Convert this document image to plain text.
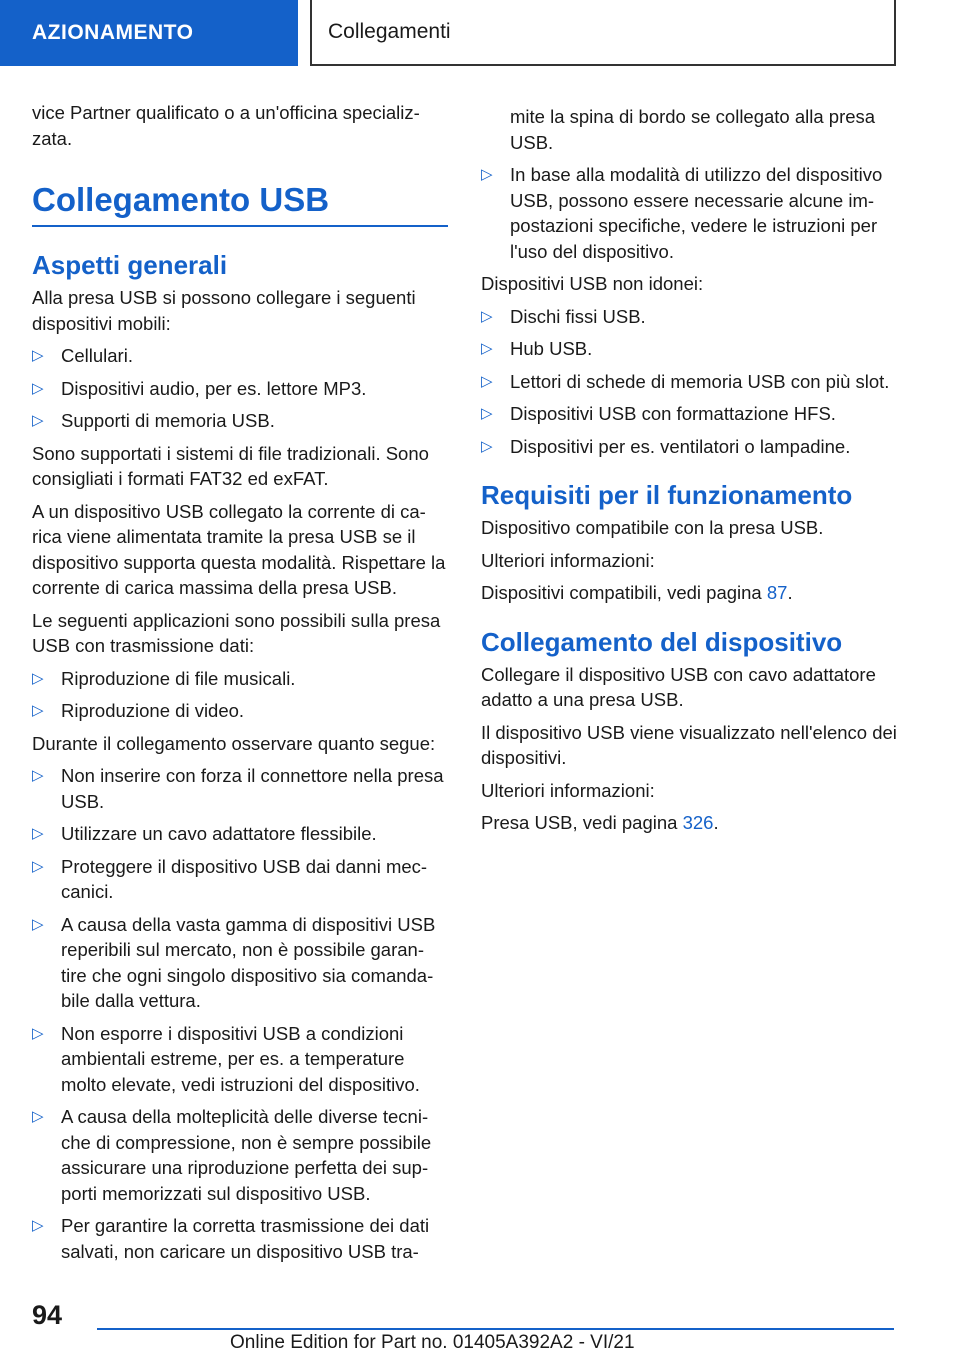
AZIONAMENTO	Collegamenti

vice Partner qualificato o a un'officina specializ-zata.

Collegamento USB
Aspetti generali

Alla presa USB si possono collegare i seguenti dispositivi mobili:

▷ Cellulari.
▷ Dispositivi audio, per es. lettore MP3.
▷ Supporti di memoria USB.

Sono supportati i sistemi di file tradizionali. Sono consigliati i formati FAT32 ed exFAT.

A un dispositivo USB collegato la corrente di ca-rica viene alimentata tramite la presa USB se il dispositivo supporta questa modalità. Rispettare la corrente di carica massima della presa USB.

Le seguenti applicazioni sono possibili sulla presa USB con trasmissione dati:

▷ Riproduzione di file musicali.
▷ Riproduzione di video.

Durante il collegamento osservare quanto segue:

▷ Non inserire con forza il connettore nella presa USB.
▷ Utilizzare un cavo adattatore flessibile.
▷ Proteggere il dispositivo USB dai danni mec-canici.
▷ A causa della vasta gamma di dispositivi USB reperibili sul mercato, non è possibile garan-tire che ogni singolo dispositivo sia comanda-bile dalla vettura.
▷ Non esporre i dispositivi USB a condizioni ambientali estreme, per es. a temperature molto elevate, vedi istruzioni del dispositivo.
▷ A causa della molteplicità delle diverse tecni-che di compressione, non è sempre possibile assicurare una riproduzione perfetta dei sup-porti memorizzati sul dispositivo USB.
▷ Per garantire la corretta trasmissione dei dati salvati, non caricare un dispositivo USB tra-

mite la spina di bordo se collegato alla presa USB.

▷ In base alla modalità di utilizzo del dispositivo USB, possono essere necessarie alcune im-postazioni specifiche, vedere le istruzioni per l'uso del dispositivo.

Dispositivi USB non idonei:

▷ Dischi fissi USB.
▷ Hub USB.
▷ Lettori di schede di memoria USB con più slot.
▷ Dispositivi USB con formattazione HFS.
▷ Dispositivi per es. ventilatori o lampadine.
Requisiti per il funzionamento

Dispositivo compatibile con la presa USB.

Ulteriori informazioni:

Dispositivi compatibili, vedi pagina 87.

Collegamento del dispositivo

Collegare il dispositivo USB con cavo adattatore adatto a una presa USB.

Il dispositivo USB viene visualizzato nell'elenco dei dispositivi.

Ulteriori informazioni:

Presa USB, vedi pagina 326.

94
Online Edition for Part no. 01405A392A2 - VI/21
